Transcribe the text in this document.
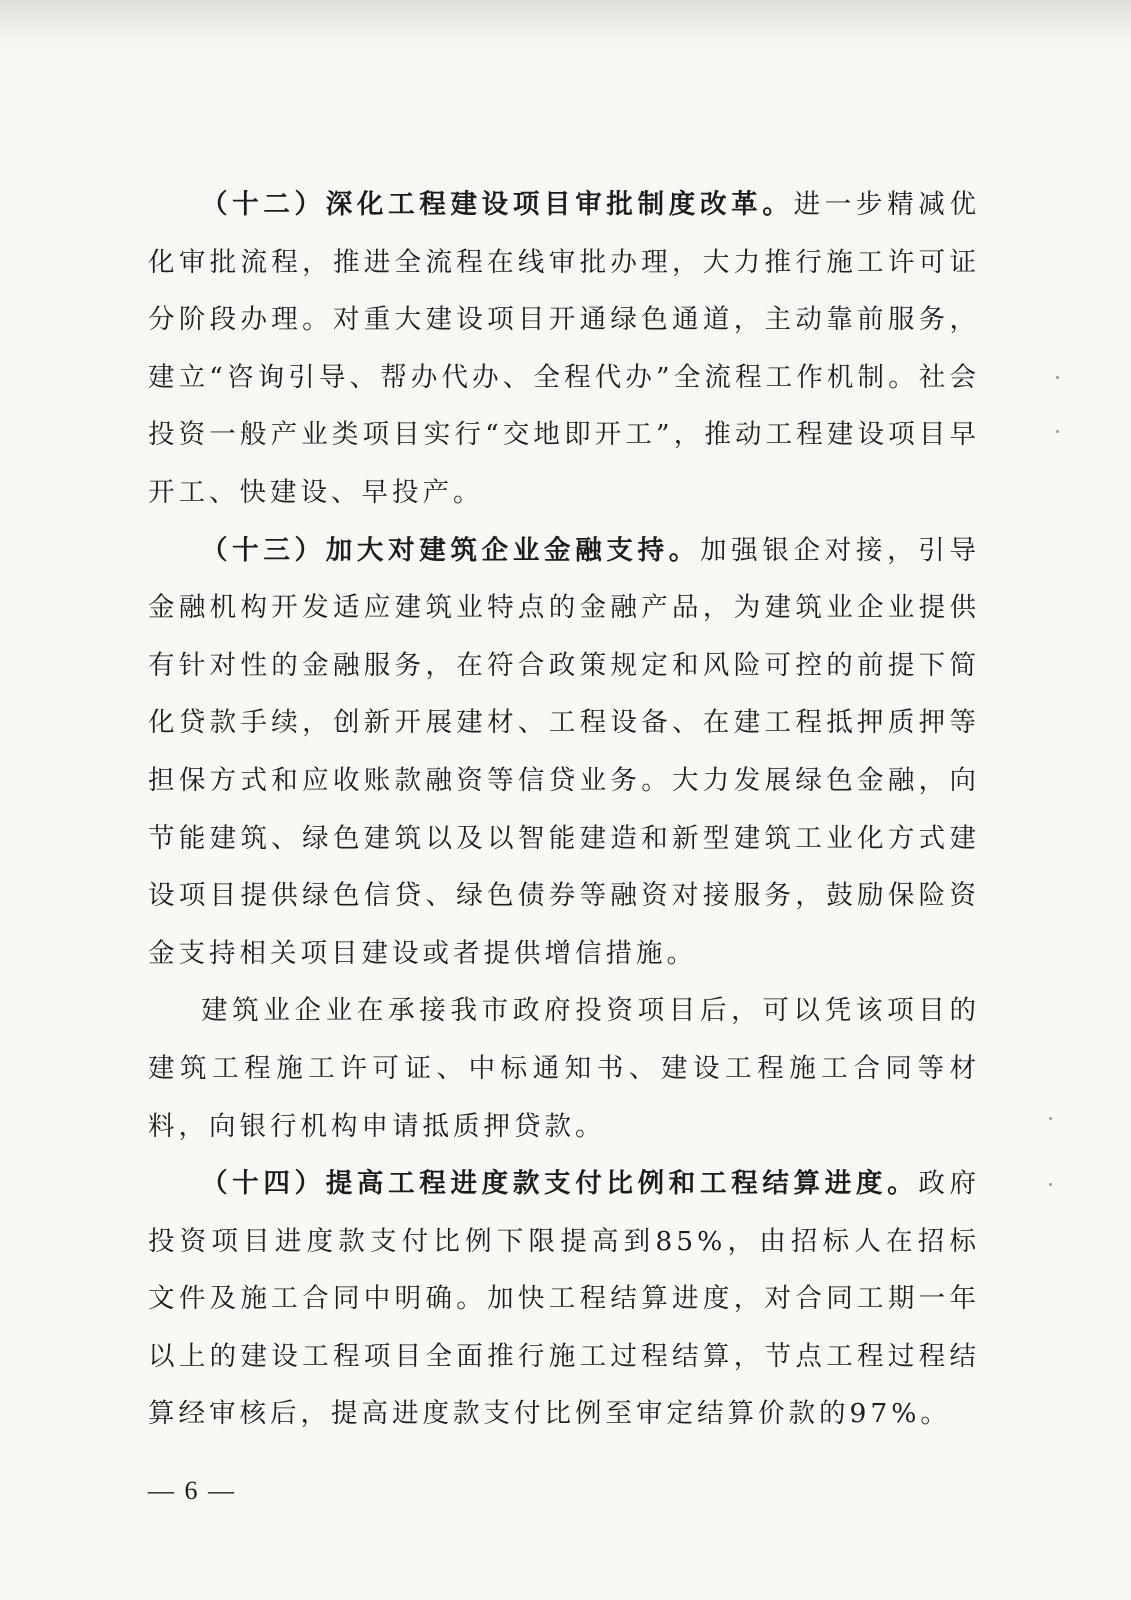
（十二）深化工程建设项目审批制度改革。进一步精减优化审批流程，推进全流程在线审批办理，大力推行施工许可证分阶段办理。对重大建设项目开通绿色通道，主动靠前服务，建立“咨询引导、帮办代办、全程代办”全流程工作机制。社会投资一般产业类项目实行“交地即开工”，推动工程建设项目早开工、快建设、早投产。

（十三）加大对建筑企业金融支持。加强银企对接，引导金融机构开发适应建筑业特点的金融产品，为建筑业企业提供有针对性的金融服务，在符合政策规定和风险可控的前提下简化贷款手续，创新开展建材、工程设备、在建工程抵押质押等担保方式和应收账款融资等信贷业务。大力发展绿色金融，向节能建筑、绿色建筑以及以智能建造和新型建筑工业化方式建设项目提供绿色信贷、绿色债券等融资对接服务，鼓励保险资金支持相关项目建设或者提供增信措施。

建筑业企业在承接我市政府投资项目后，可以凭该项目的建筑工程施工许可证、中标通知书、建设工程施工合同等材料，向银行机构申请抵质押贷款。

（十四）提高工程进度款支付比例和工程结算进度。政府投资项目进度款支付比例下限提高到85%，由招标人在招标文件及施工合同中明确。加快工程结算进度，对合同工期一年以上的建设工程项目全面推行施工过程结算，节点工程过程结算经审核后，提高进度款支付比例至审定结算价款的97%。

— 6 —
